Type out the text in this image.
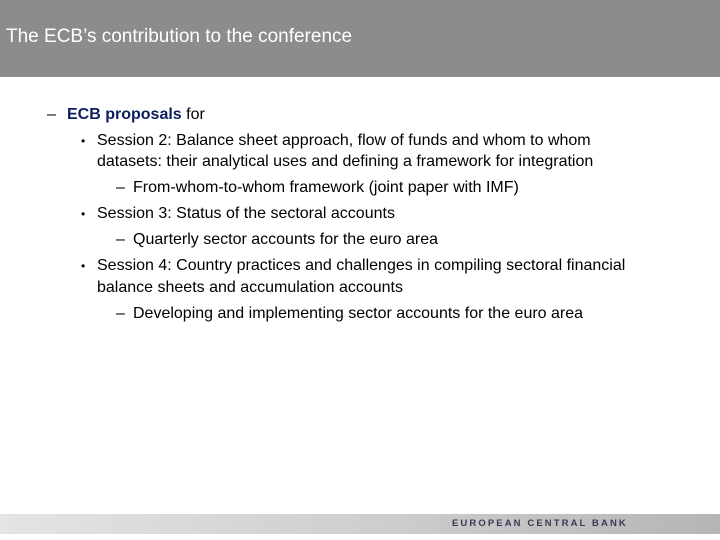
The ECB’s contribution to the conference
– ECB proposals for
• Session 2: Balance sheet approach, flow of funds and whom to whom
datasets: their analytical uses and defining a framework for integration
– From-whom-to-whom framework (joint paper with IMF)
• Session 3: Status of the sectoral accounts
– Quarterly sector accounts for the euro area
• Session 4: Country practices and challenges in compiling sectoral financial
balance sheets and accumulation accounts
– Developing and implementing sector accounts for the euro area
EUROPEAN CENTRAL BANK
